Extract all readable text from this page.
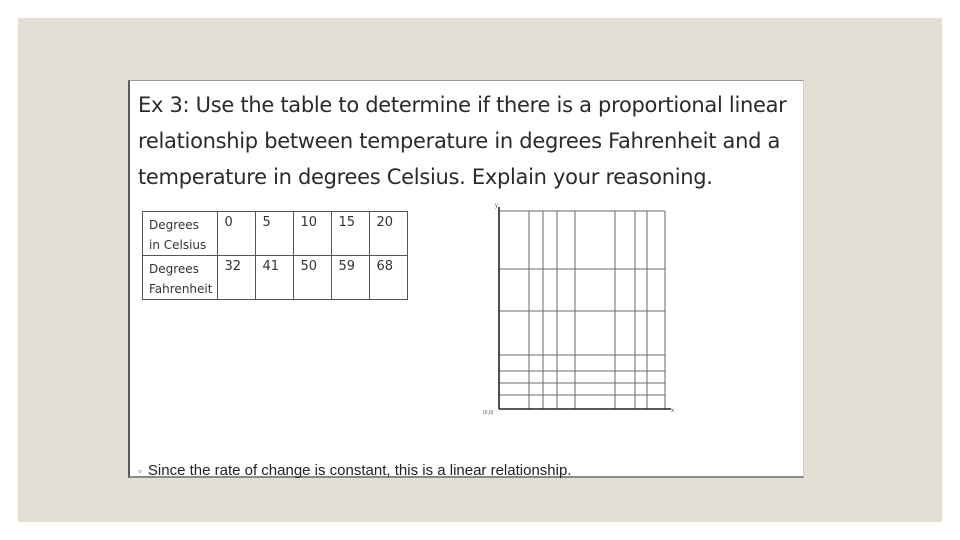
Ex 3: Use the table to determine if there is a proportional linear relationship between temperature in degrees Fahrenheit and a temperature in degrees Celsius. Explain your reasoning.

Degrees in Celsius	0	5	10	15	20
Degrees Fahrenheit	32	41	50	59	68
y
x
(0,0)
◦ Since the rate of change is constant, this is a linear relationship.
